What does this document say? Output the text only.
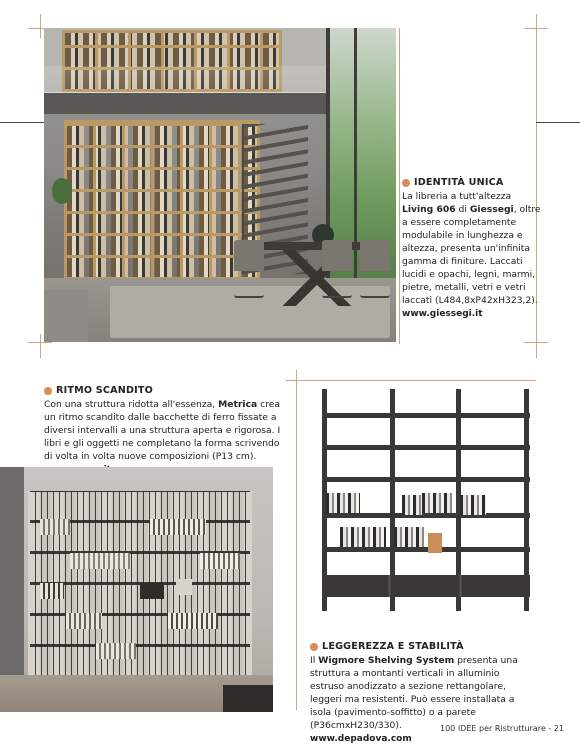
IDENTITÀ UNICA

La libreria a tutt'altezza Living 606 di Giessegi, oltre a essere completamente modulabile in lunghezza e altezza, presenta un'infinita gamma di finiture. Laccati lucidi e opachi, legni, marmi, pietre, metalli, vetri e vetri laccati (L484,8xP42xH323,2).

www.giessegi.it
RITMO SCANDITO

Con una struttura ridotta all'essenza, Metrica crea un ritmo scandito dalle bacchette di ferro fissate a diversi intervalli a una struttura aperta e rigorosa. I libri e gli oggetti ne completano la forma scrivendo di volta in volta nuove composizioni (P13 cm).

LEGGEREZZA E STABILITÀ

Il Wigmore Shelving System presenta una struttura a montanti verticali in alluminio estruso anodizzato a sezione rettangolare, leggeri ma resistenti. Può essere installata a isola (pavimento-soffitto) o a parete (P36cmxH230/330).

www.depadova.com
100 IDEE per Ristrutturare - 21
